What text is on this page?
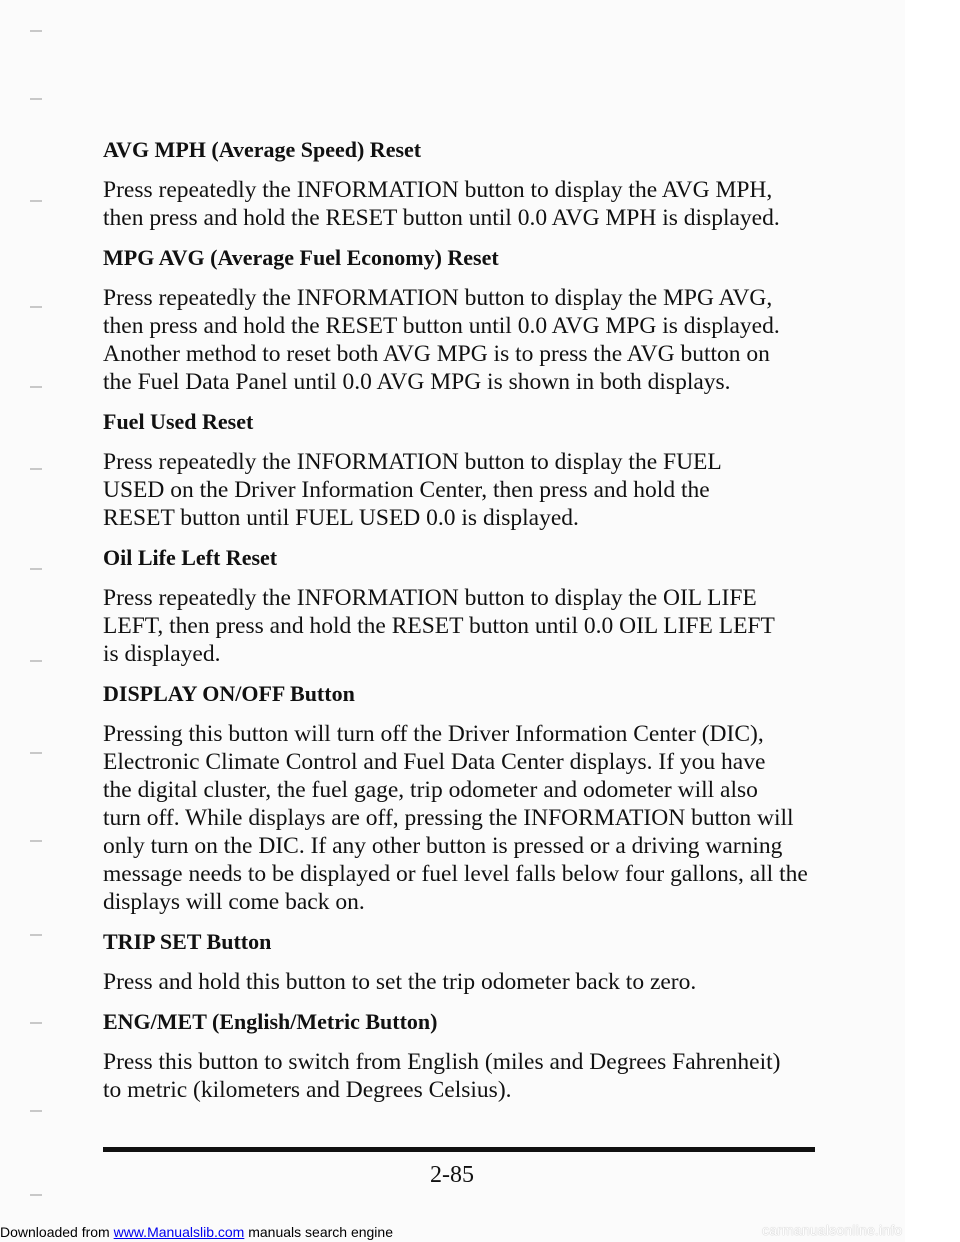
AVG MPH (Average Speed) Reset

Press repeatedly the INFORMATION button to display the AVG MPH,

then press and hold the RESET button until 0.0 AVG MPH is displayed.

MPG AVG (Average Fuel Economy) Reset

Press repeatedly the INFORMATION button to display the MPG AVG,

then press and hold the RESET button until 0.0 AVG MPG is displayed.

Another method to reset both AVG MPG is to press the AVG button on

the Fuel Data Panel until 0.0 AVG MPG is shown in both displays.

Fuel Used Reset

Press repeatedly the INFORMATION button to display the FUEL

USED on the Driver Information Center, then press and hold the

RESET button until FUEL USED 0.0 is displayed.

Oil Life Left Reset

Press repeatedly the INFORMATION button to display the OIL LIFE

LEFT, then press and hold the RESET button until 0.0 OIL LIFE LEFT

is displayed.

DISPLAY ON/OFF Button

Pressing this button will turn off the Driver Information Center (DIC),

Electronic Climate Control and Fuel Data Center displays. If you have

the digital cluster, the fuel gage, trip odometer and odometer will also

turn off. While displays are off, pressing the INFORMATION button will

only turn on the DIC. If any other button is pressed or a driving warning

message needs to be displayed or fuel level falls below four gallons, all the

displays will come back on.

TRIP SET Button

Press and hold this button to set the trip odometer back to zero.

ENG/MET (English/Metric Button)

Press this button to switch from English (miles and Degrees Fahrenheit)

to metric (kilometers and Degrees Celsius).

2-85
Downloaded from www.Manualslib.com manuals search engine	carmanualsonline.info
